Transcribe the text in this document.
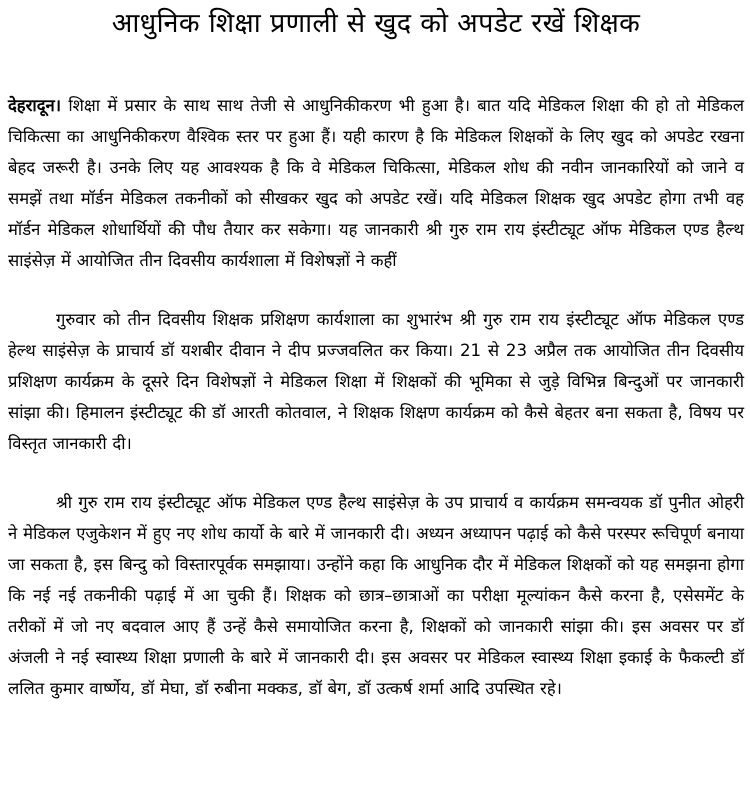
आधुनिक शिक्षा प्रणाली से खुद को अपडेट रखें शिक्षक

देहरादून। शिक्षा में प्रसार के साथ साथ तेजी से आधुनिकीकरण भी हुआ है। बात यदि मेडिकल शिक्षा की हो तो मेडिकल चिकित्सा का आधुनिकीकरण वैश्विक स्तर पर हुआ हैं। यही कारण है कि मेडिकल शिक्षकों के लिए खुद को अपडेट रखना बेहद जरूरी है। उनके लिए यह आवश्यक है कि वे मेडिकल चिकित्सा, मेडिकल शोध की नवीन जानकारियों को जाने व समझें तथा मॉर्डन मेडिकल तकनीकों को सीखकर खुद को अपडेट रखें। यदि मेडिकल शिक्षक खुद अपडेट होगा तभी वह मॉर्डन मेडिकल शोधार्थियों की पौध तैयार कर सकेगा। यह जानकारी श्री गुरु राम राय इंस्टीट्यूट ऑफ मेडिकल एण्ड हैल्थ साइंसेज़ में आयोजित तीन दिवसीय कार्यशाला में विशेषज्ञों ने कहीं

गुरुवार को तीन दिवसीय शिक्षक प्रशिक्षण कार्यशाला का शुभारंभ श्री गुरु राम राय इंस्टीट्यूट ऑफ मेडिकल एण्ड हेल्थ साइंसेज़ के प्राचार्य डॉ यशबीर दीवान ने दीप प्रज्जवलित कर किया। 21 से 23 अप्रैल तक आयोजित तीन दिवसीय प्रशिक्षण कार्यक्रम के दूसरे दिन विशेषज्ञों ने मेडिकल शिक्षा में शिक्षकों की भूमिका से जुड़े विभिन्न बिन्दुओं पर जानकारी सांझा की। हिमालन इंस्टीट्यूट की डॉ आरती कोतवाल, ने शिक्षक शिक्षण कार्यक्रम को कैसे बेहतर बना सकता है, विषय पर विस्तृत जानकारी दी।

श्री गुरु राम राय इंस्टीट्यूट ऑफ मेडिकल एण्ड हैल्थ साइंसेज़ के उप प्राचार्य व कार्यक्रम समन्वयक डॉ पुनीत ओहरी ने मेडिकल एजुकेशन में हुए नए शोध कार्यो के बारे में जानकारी दी। अध्यन अध्यापन पढ़ाई को कैसे परस्पर रूचिपूर्ण बनाया जा सकता है, इस बिन्दु को विस्तारपूर्वक समझाया। उन्होंने कहा कि आधुनिक दौर में मेडिकल शिक्षकों को यह समझना होगा कि नई नई तकनीकी पढ़ाई में आ चुकी हैं। शिक्षक को छात्र–छात्राओं का परीक्षा मूल्यांकन कैसे करना है, एसेसमेंट के तरीकों में जो नए बदवाल आए हैं उन्हें कैसे समायोजित करना है, शिक्षकों को जानकारी सांझा की। इस अवसर पर डॉ अंजली ने नई स्वास्थ्य शिक्षा प्रणाली के बारे में जानकारी दी। इस अवसर पर मेडिकल स्वास्थ्य शिक्षा इकाई के फैकल्टी डॉ ललित कुमार वार्ष्णेय, डॉ मेघा, डॉ रुबीना मक्कड, डॉ बेग, डॉ उत्कर्ष शर्मा आदि उपस्थित रहे।
